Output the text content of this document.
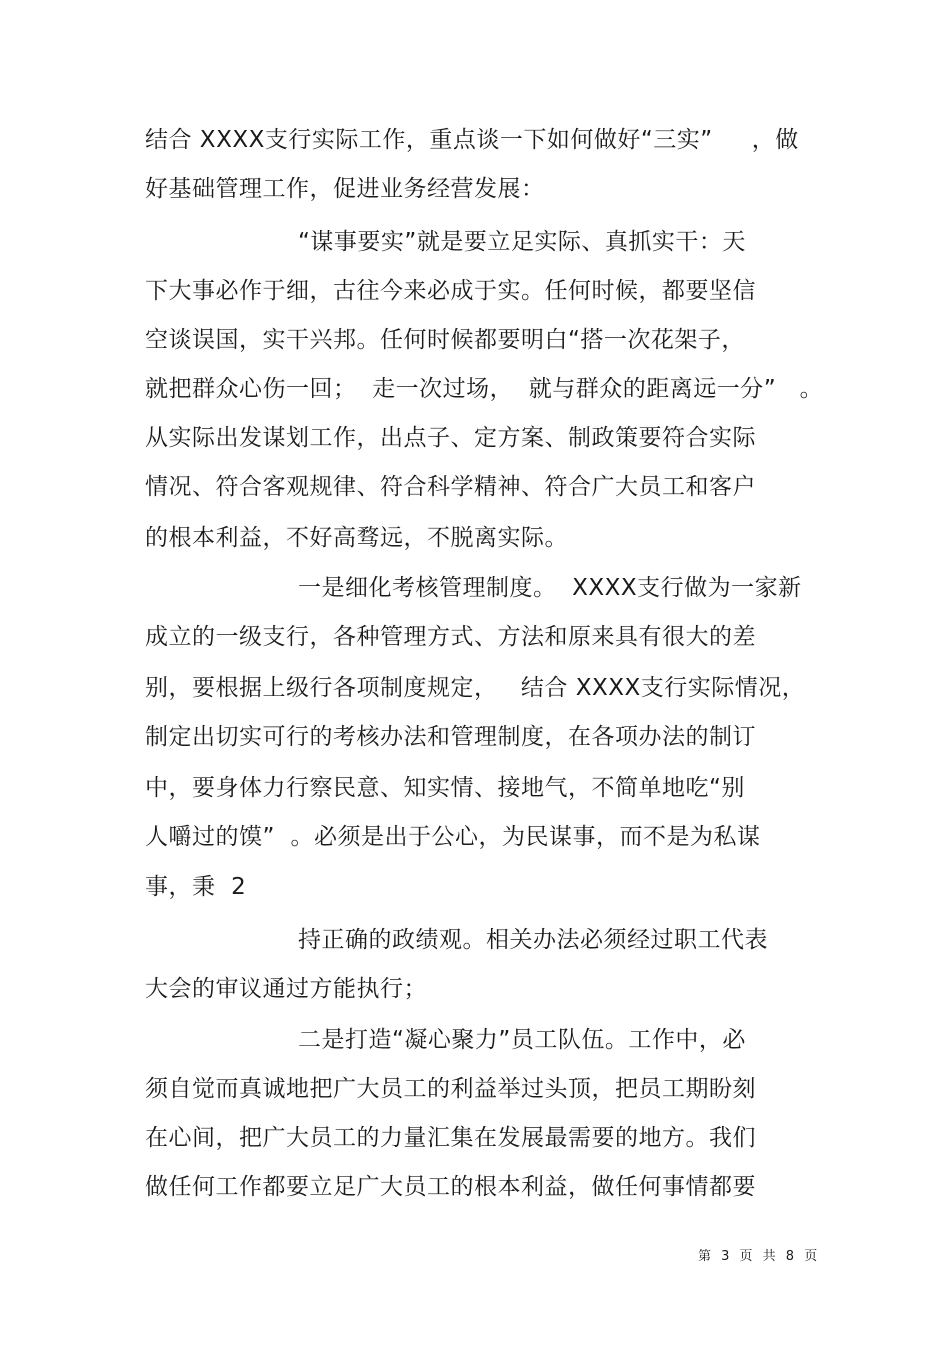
结合 XXXX支行实际工作，重点谈一下如何做好“三实”     ，做
好基础管理工作，促进业务经营发展：
“谋事要实”就是要立足实际、真抓实干：天
下大事必作于细，古往今来必成于实。任何时候，都要坚信
空谈误国，实干兴邦。任何时候都要明白“搭一次花架子，
就把群众心伤一回；  走一次过场，  就与群众的距离远一分”   。
从实际出发谋划工作，出点子、定方案、制政策要符合实际
情况、符合客观规律、符合科学精神、符合广大员工和客户
的根本利益，不好高骛远，不脱离实际。
一是细化考核管理制度。  XXXX支行做为一家新
成立的一级支行，各种管理方式、方法和原来具有很大的差
别，要根据上级行各项制度规定，   结合 XXXX支行实际情况，
制定出切实可行的考核办法和管理制度，在各项办法的制订
中，要身体力行察民意、知实情、接地气，不简单地吃“别
人嚼过的馍”  。必须是出于公心，为民谋事，而不是为私谋
事，秉  2
持正确的政绩观。相关办法必须经过职工代表
大会的审议通过方能执行；
二是打造“凝心聚力”员工队伍。工作中，必
须自觉而真诚地把广大员工的利益举过头顶，把员工期盼刻
在心间，把广大员工的力量汇集在发展最需要的地方。我们
做任何工作都要立足广大员工的根本利益，做任何事情都要
第 3 页 共 8 页
